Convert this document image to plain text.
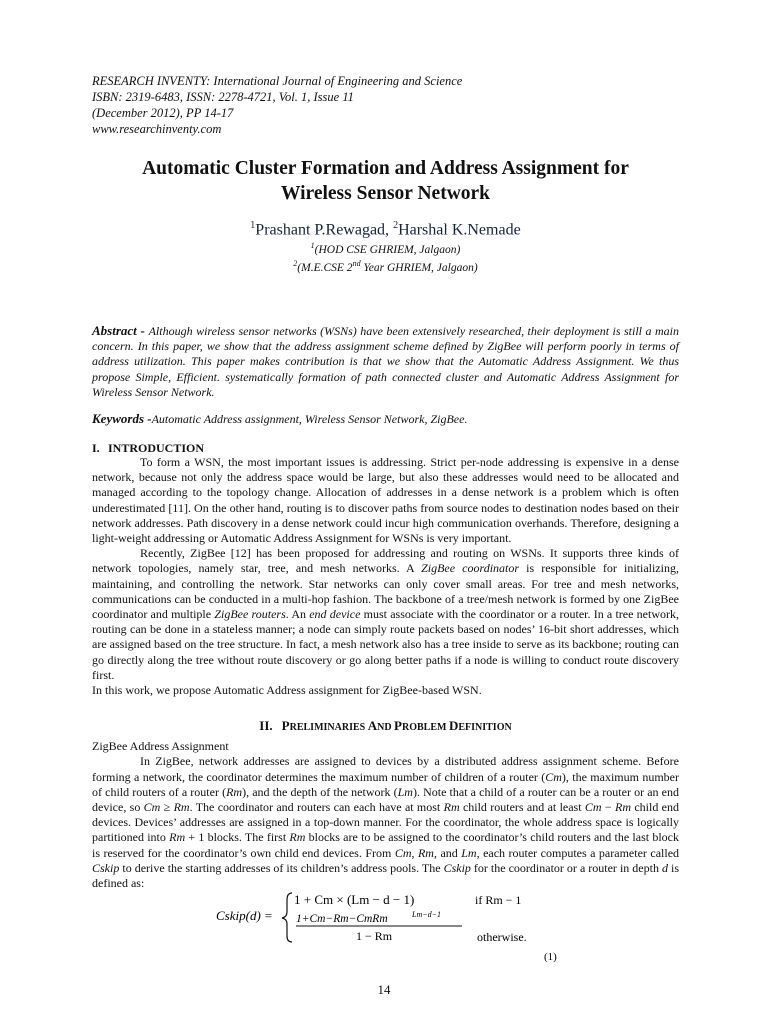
RESEARCH INVENTY: International Journal of Engineering and Science
ISBN: 2319-6483, ISSN: 2278-4721, Vol. 1, Issue 11
(December 2012), PP 14-17
www.researchinventy.com
Automatic Cluster Formation and Address Assignment for
Wireless Sensor Network
$^1$Prashant P.Rewagad, $^2$Harshal K.Nemade
$^1$(HOD CSE GHRIEM, Jalgaon)
$^2$(M.E.CSE 2nd Year GHRIEM, Jalgaon)
Abstract - Although wireless sensor networks (WSNs) have been extensively researched, their deployment is still a main concern. In this paper, we show that the address assignment scheme defined by ZigBee will perform poorly in terms of address utilization. This paper makes contribution is that we show that the Automatic Address Assignment. We thus propose Simple, Efficient. systematically formation of path connected cluster and Automatic Address Assignment for Wireless Sensor Network.
Keywords -Automatic Address assignment, Wireless Sensor Network, ZigBee.
I. INTRODUCTION

To form a WSN, the most important issues is addressing. Strict per-node addressing is expensive in a dense network, because not only the address space would be large, but also these addresses would need to be allocated and managed according to the topology change. Allocation of addresses in a dense network is a problem which is often underestimated [11]. On the other hand, routing is to discover paths from source nodes to destination nodes based on their network addresses. Path discovery in a dense network could incur high communication overhands. Therefore, designing a light-weight addressing or Automatic Address Assignment for WSNs is very important.

Recently, ZigBee [12] has been proposed for addressing and routing on WSNs. It supports three kinds of network topologies, namely star, tree, and mesh networks. A ZigBee coordinator is responsible for initializing, maintaining, and controlling the network. Star networks can only cover small areas. For tree and mesh networks, communications can be conducted in a multi-hop fashion. The backbone of a tree/mesh network is formed by one ZigBee coordinator and multiple ZigBee routers. An end device must associate with the coordinator or a router. In a tree network, routing can be done in a stateless manner; a node can simply route packets based on nodes’ 16-bit short addresses, which are assigned based on the tree structure. In fact, a mesh network also has a tree inside to serve as its backbone; routing can go directly along the tree without route discovery or go along better paths if a node is willing to conduct route discovery first.

In this work, we propose Automatic Address assignment for ZigBee-based WSN.

II. PRELIMINARIES AND PROBLEM DEFINITION

ZigBee Address Assignment

In ZigBee, network addresses are assigned to devices by a distributed address assignment scheme. Before forming a network, the coordinator determines the maximum number of children of a router (Cm), the maximum number of child routers of a router (Rm), and the depth of the network (Lm). Note that a child of a router can be a router or an end device, so Cm ≥ Rm. The coordinator and routers can each have at most Rm child routers and at least Cm − Rm child end devices. Devices’ addresses are assigned in a top-down manner. For the coordinator, the whole address space is logically partitioned into Rm + 1 blocks. The first Rm blocks are to be assigned to the coordinator’s child routers and the last block is reserved for the coordinator’s own child end devices. From Cm, Rm, and Lm, each router computes a parameter called Cskip to derive the starting addresses of its children’s address pools. The Cskip for the coordinator or a router in depth d is defined as:

Cskip(d) =
1 + Cm × (Lm − d − 1)	if Rm − 1
1+Cm−Rm−CmRm	Lm−d−1
1 − Rm	otherwise.
(1)
14
